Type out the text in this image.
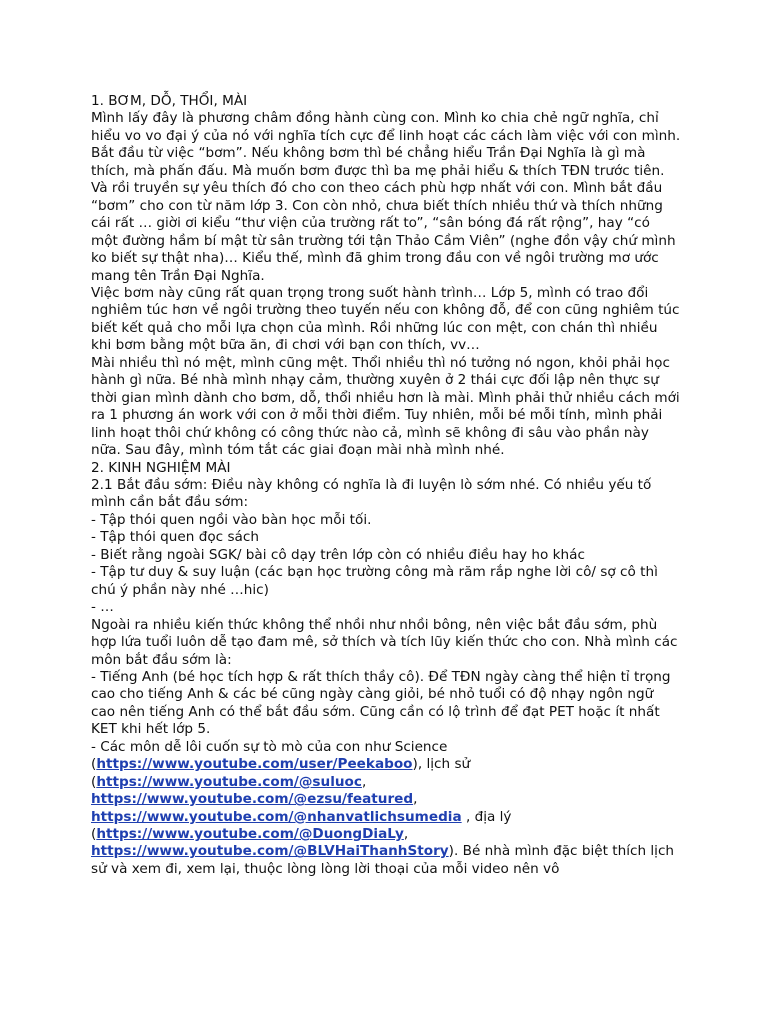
1. BƠM, DỖ, THỔI, MÀI

Mình lấy đây là phương châm đồng hành cùng con. Mình ko chia chẻ ngữ nghĩa, chỉ hiểu vo vo đại ý của nó với nghĩa tích cực để linh hoạt các cách làm việc với con mình.

Bắt đầu từ việc “bơm”. Nếu không bơm thì bé chẳng hiểu Trần Đại Nghĩa là gì mà thích, mà phấn đấu. Mà muốn bơm được thì ba mẹ phải hiểu & thích TĐN trước tiên. Và rồi truyền sự yêu thích đó cho con theo cách phù hợp nhất với con. Mình bắt đầu “bơm” cho con từ năm lớp 3. Con còn nhỏ, chưa biết thích nhiều thứ và thích những cái rất … giời ơi kiểu “thư viện của trường rất to”, “sân bóng đá rất rộng”, hay “có một đường hầm bí mật từ sân trường tới tận Thảo Cầm Viên” (nghe đồn vậy chứ mình ko biết sự thật nha)… Kiểu thế, mình đã ghim trong đầu con về ngôi trường mơ ước mang tên Trần Đại Nghĩa.

Việc bơm này cũng rất quan trọng trong suốt hành trình… Lớp 5, mình có trao đổi nghiêm túc hơn về ngôi trường theo tuyến nếu con không đỗ, để con cũng nghiêm túc biết kết quả cho mỗi lựa chọn của mình. Rồi những lúc con mệt, con chán thì nhiều khi bơm bằng một bữa ăn, đi chơi với bạn con thích, vv…

Mài nhiều thì nó mệt, mình cũng mệt. Thổi nhiều thì nó tưởng nó ngon, khỏi phải học hành gì nữa. Bé nhà mình nhạy cảm, thường xuyên ở 2 thái cực đối lập nên thực sự thời gian mình dành cho bơm, dỗ, thổi nhiều hơn là mài. Mình phải thử nhiều cách mới ra 1 phương án work với con ở mỗi thời điểm. Tuy nhiên, mỗi bé mỗi tính, mình phải linh hoạt thôi chứ không có công thức nào cả, mình sẽ không đi sâu vào phần này nữa. Sau đây, mình tóm tắt các giai đoạn mài nhà mình nhé.

2. KINH NGHIỆM MÀI

2.1 Bắt đầu sớm: Điều này không có nghĩa là đi luyện lò sớm nhé. Có nhiều yếu tố mình cần bắt đầu sớm:

- Tập thói quen ngồi vào bàn học mỗi tối.

- Tập thói quen đọc sách

- Biết rằng ngoài SGK/ bài cô dạy trên lớp còn có nhiều điều hay ho khác

- Tập tư duy & suy luận (các bạn học trường công mà răm rắp nghe lời cô/ sợ cô thì chú ý phần này nhé …hic)

- …

Ngoài ra nhiều kiến thức không thể nhồi như nhồi bông, nên việc bắt đầu sớm, phù hợp lứa tuổi luôn dễ tạo đam mê, sở thích và tích lũy kiến thức cho con. Nhà mình các môn bắt đầu sớm là:

- Tiếng Anh (bé học tích hợp & rất thích thầy cô). Để TĐN ngày càng thể hiện tỉ trọng cao cho tiếng Anh & các bé cũng ngày càng giỏi, bé nhỏ tuổi có độ nhạy ngôn ngữ cao nên tiếng Anh có thể bắt đầu sớm. Cũng cần có lộ trình để đạt PET hoặc ít nhất KET khi hết lớp 5.

- Các môn dễ lôi cuốn sự tò mò của con như Science
(https://www.youtube.com/user/Peekaboo), lịch sử
(https://www.youtube.com/@suluoc,
https://www.youtube.com/@ezsu/featured,
https://www.youtube.com/@nhanvatlichsumedia , địa lý
(https://www.youtube.com/@DuongDiaLy,
https://www.youtube.com/@BLVHaiThanhStory). Bé nhà mình đặc biệt thích lịch sử và xem đi, xem lại, thuộc lòng lòng lời thoại của mỗi video nên vô
